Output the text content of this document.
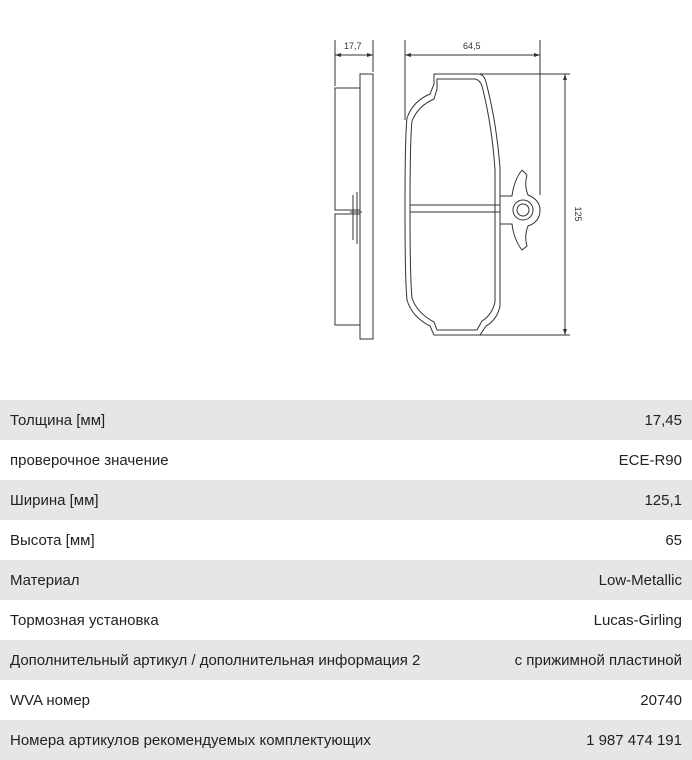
17,7	64,5
125
Толщина [мм]	17,45
проверочное значение	ECE-R90
Ширина [мм]	125,1
Высота [мм]	65
Материал	Low-Metallic
Тормозная установка	Lucas-Girling
Дополнительный артикул / дополнительная информация 2	с прижимной пластиной
WVA номер	20740
Номера артикулов рекомендуемых комплектующих	1 987 474 191
